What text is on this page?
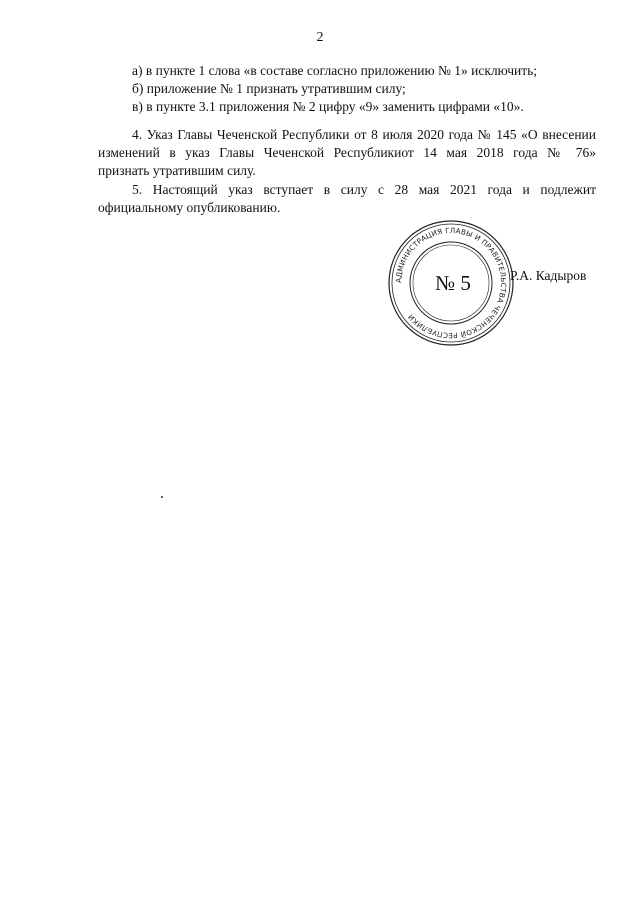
2
а) в пункте 1 слова «в составе согласно приложению № 1» исключить;
б) приложение № 1 признать утратившим силу;
в) в пункте 3.1 приложения № 2 цифру «9» заменить цифрами «10».
4. Указ Главы Чеченской Республики от 8 июля 2020 года № 145 «О внесении
изменений в указ Главы Чеченской Республикиот 14 мая 2018 года № 76»
признать утратившим силу.
5. Настоящий указ вступает в силу с 28 мая 2021 года и подлежит
официальному опубликованию.
АДМИНИСТРАЦИЯ ГЛАВЫ И ПРАВИТЕЛЬСТВА ЧЕЧЕНСКОЙ РЕСПУБЛИКИ
№ 5	Р.А. Кадыров
